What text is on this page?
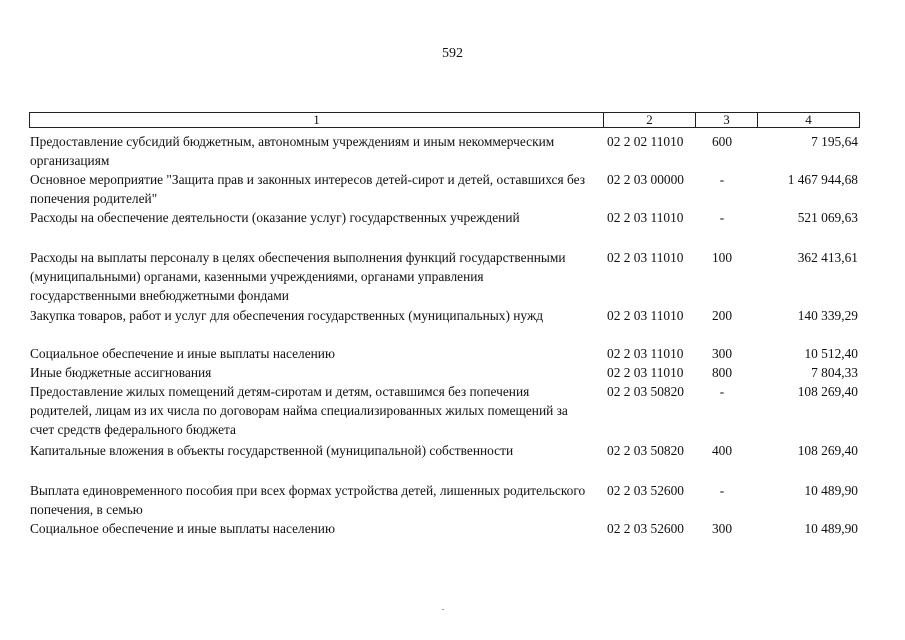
592
1	2	3	4
Предоставление субсидий бюджетным, автономным учреждениям и иным некоммерческим организациям
02 2 02 11010	600	7 195,64
Основное мероприятие "Защита прав и законных интересов детей-сирот и детей, оставшихся без попечения родителей"
02 2 03 00000	-	1 467 944,68
Расходы на обеспечение деятельности (оказание услуг) государственных учреждений	02 2 03 11010	-	521 069,63
Расходы на выплаты персоналу в целях обеспечения выполнения функций государственными (муниципальными) органами, казенными учреждениями, органами управления государственными внебюджетными фондами
02 2 03 11010	100	362 413,61
Закупка товаров, работ и услуг для обеспечения государственных (муниципальных) нужд	02 2 03 11010	200	140 339,29
Социальное обеспечение и иные выплаты населению	02 2 03 11010	300	10 512,40
Иные бюджетные ассигнования	02 2 03 11010	800	7 804,33
Предоставление жилых помещений детям-сиротам и детям, оставшимся без попечения родителей, лицам из их числа по договорам найма специализированных жилых помещений за счет средств федерального бюджета
02 2 03 50820	-	108 269,40
Капитальные вложения в объекты государственной (муниципальной) собственности	02 2 03 50820	400	108 269,40
Выплата единовременного пособия при всех формах устройства детей, лишенных родительского попечения, в семью
02 2 03 52600	-	10 489,90
Социальное обеспечение и иные выплаты населению	02 2 03 52600	300	10 489,90
